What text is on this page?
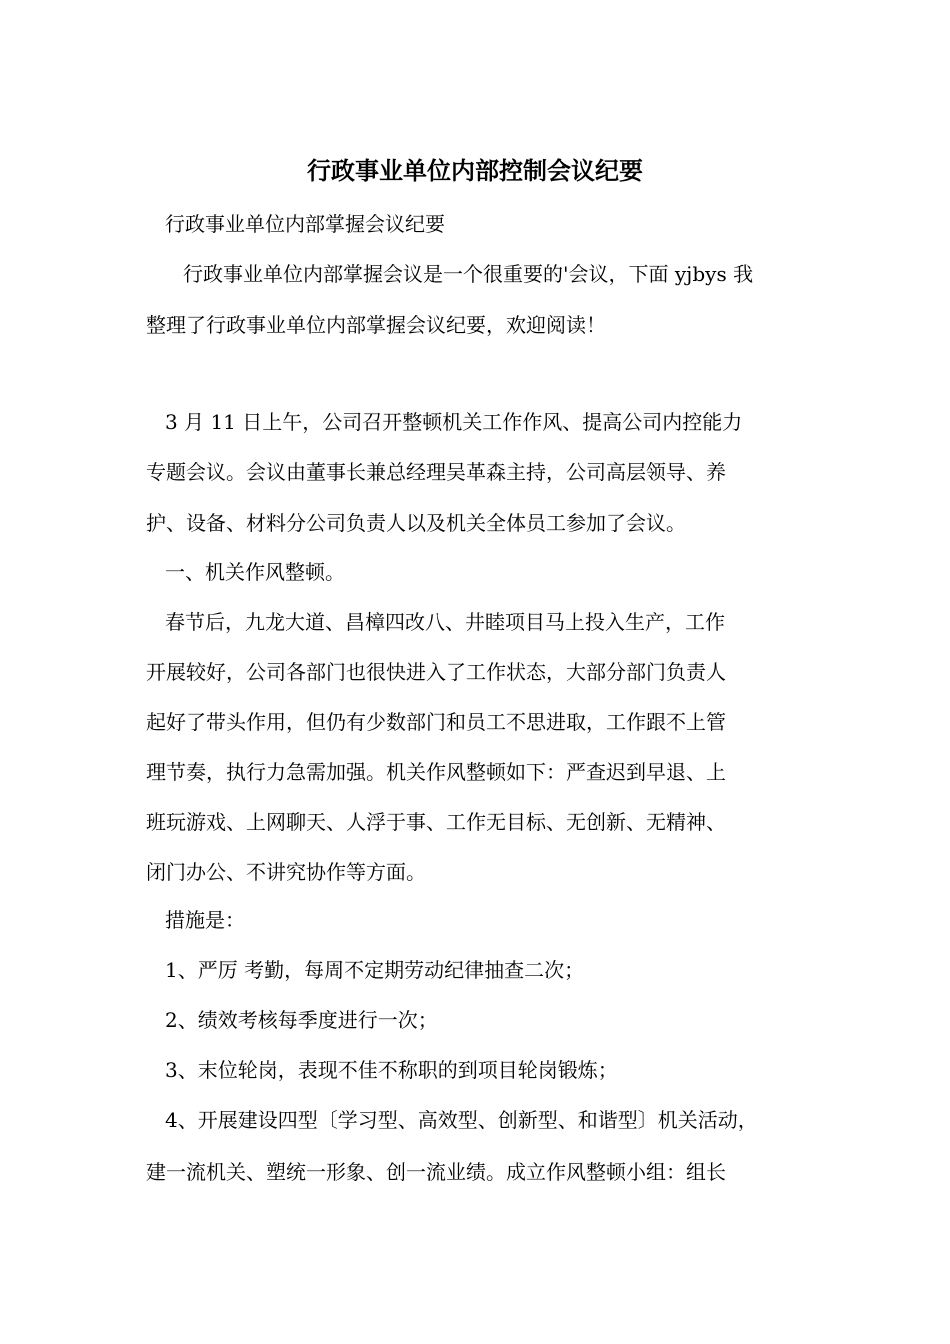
行政事业单位内部控制会议纪要
行政事业单位内部掌握会议纪要
行政事业单位内部掌握会议是一个很重要的'会议，下面 yjbys 我
整理了行政事业单位内部掌握会议纪要，欢迎阅读！
3 月 11 日上午，公司召开整顿机关工作作风、提高公司内控能力
专题会议。会议由董事长兼总经理吴革森主持，公司高层领导、养
护、设备、材料分公司负责人以及机关全体员工参加了会议。
一、机关作风整顿。
春节后，九龙大道、昌樟四改八、井睦项目马上投入生产，工作
开展较好，公司各部门也很快进入了工作状态，大部分部门负责人
起好了带头作用，但仍有少数部门和员工不思进取，工作跟不上管
理节奏，执行力急需加强。机关作风整顿如下：严查迟到早退、上
班玩游戏、上网聊天、人浮于事、工作无目标、无创新、无精神、
闭门办公、不讲究协作等方面。
措施是：
1、严厉 考勤，每周不定期劳动纪律抽查二次；
2、绩效考核每季度进行一次；
3、末位轮岗，表现不佳不称职的到项目轮岗锻炼；
4、开展建设四型〔学习型、高效型、创新型、和谐型〕机关活动，
建一流机关、塑统一形象、创一流业绩。成立作风整顿小组：组长
